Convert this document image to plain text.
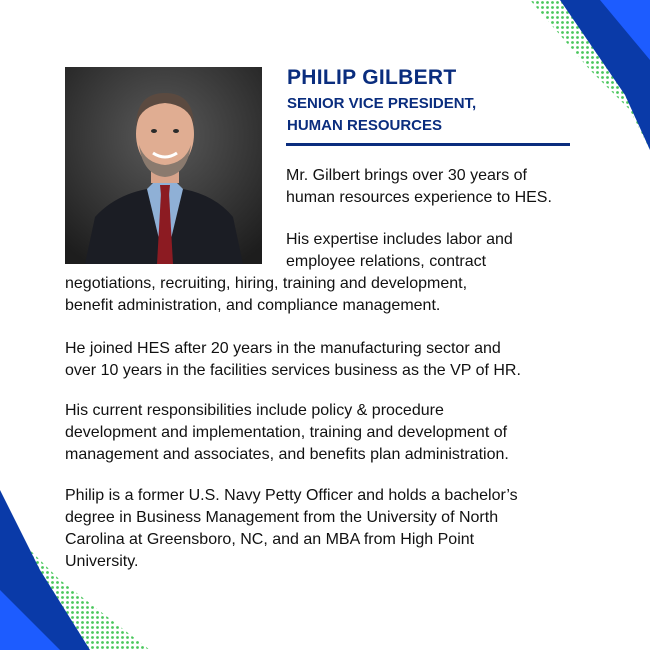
PHILIP GILBERT
SENIOR VICE PRESIDENT,
HUMAN RESOURCES
Mr. Gilbert brings over 30 years of
human resources experience to HES.
His expertise includes labor and
employee relations, contract
negotiations, recruiting, hiring, training and development,
benefit administration, and compliance management.
He joined HES after 20 years in the manufacturing sector and
over 10 years in the facilities services business as the VP of HR.
His current responsibilities include policy & procedure
development and implementation, training and development of
management and associates, and benefits plan administration.
Philip is a former U.S. Navy Petty Officer and holds a bachelor’s
degree in Business Management from the University of North
Carolina at Greensboro, NC, and an MBA from High Point
University.
